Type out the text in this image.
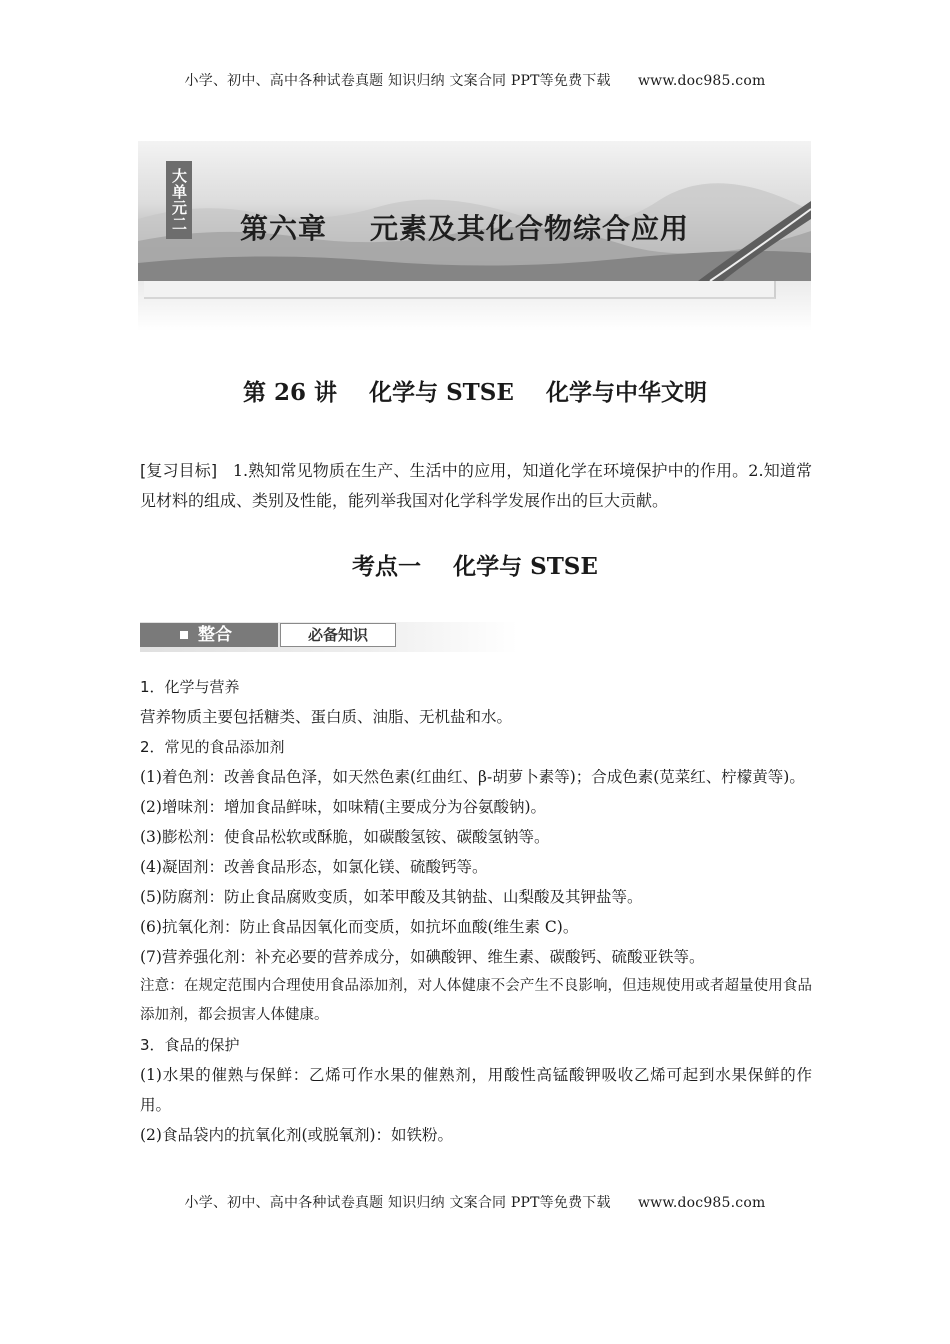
小学、初中、高中各种试卷真题 知识归纳 文案合同 PPT等免费下载 www.doc985.com
大单元二 第六章    元素及其化合物综合应用
第 26 讲    化学与 STSE    化学与中华文明
[复习目标] 1.熟知常见物质在生产、生活中的应用，知道化学在环境保护中的作用。2.知道常见材料的组成、类别及性能，能列举我国对化学科学发展作出的巨大贡献。
考点一    化学与 STSE
整合	必备知识

1．化学与营养

营养物质主要包括糖类、蛋白质、油脂、无机盐和水。

2．常见的食品添加剂

(1)着色剂：改善食品色泽，如天然色素(红曲红、β-胡萝卜素等)；合成色素(苋菜红、柠檬黄等)。

(2)增味剂：增加食品鲜味，如味精(主要成分为谷氨酸钠)。

(3)膨松剂：使食品松软或酥脆，如碳酸氢铵、碳酸氢钠等。

(4)凝固剂：改善食品形态，如氯化镁、硫酸钙等。

(5)防腐剂：防止食品腐败变质，如苯甲酸及其钠盐、山梨酸及其钾盐等。

(6)抗氧化剂：防止食品因氧化而变质，如抗坏血酸(维生素 C)。

(7)营养强化剂：补充必要的营养成分，如碘酸钾、维生素、碳酸钙、硫酸亚铁等。

注意：在规定范围内合理使用食品添加剂，对人体健康不会产生不良影响，但违规使用或者超量使用食品添加剂，都会损害人体健康。

3．食品的保护

(1)水果的催熟与保鲜：乙烯可作水果的催熟剂，用酸性高锰酸钾吸收乙烯可起到水果保鲜的作用。

(2)食品袋内的抗氧化剂(或脱氧剂)：如铁粉。

小学、初中、高中各种试卷真题 知识归纳 文案合同 PPT等免费下载 www.doc985.com
